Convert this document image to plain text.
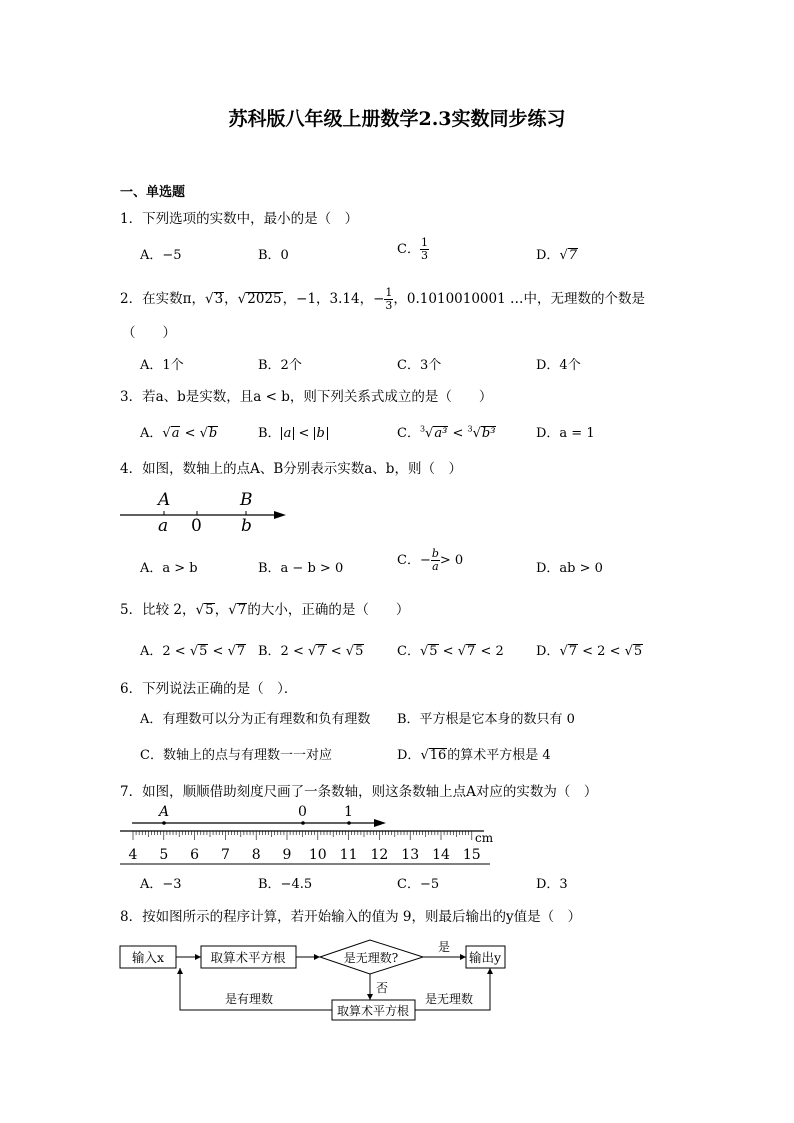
苏科版八年级上册数学2.3实数同步练习
一、单选题
1．下列选项的实数中，最小的是（　）
A．−5	B．0	C． $\frac{1}{3}$	D．√7
2．在实数π，√3，√2025，−1，3.14，− $\frac{1}{3}$ ，0.1010010001 …中，无理数的个数是
（　　）
A．1个	B．2个	C．3个	D．4个
3．若a、b是实数，且a < b，则下列关系式成立的是（　　）
A．√a < √b	B． a < b	C．$^3$√a³ < $^3$√b³	D．a = 1
4．如图，数轴上的点A、B分别表示实数a、b，则（　）
A	B
a 0 b
A．a > b	B．a − b > 0
C．− $\frac{b}{a} > 0$
D．ab > 0
5．比较 2，√5，√7的大小，正确的是（　　）
A．2 < √5 < √7 B．2 < √7 < √5	C．√5 < √7 < 2 D．√7 < 2 < √5
6．下列说法正确的是（　）．
A．有理数可以分为正有理数和负有理数 B．平方根是它本身的数只有 0
C．数轴上的点与有理数一一对应	D．√16的算术平方根是 4
7．如图，顺顺借助刻度尺画了一条数轴，则这条数轴上点A对应的实数为（　）
A	0	1
cm
4 5 6 7 8 9 10 11 12 13 14 15
A．−3	B．−4.5	C．−5	D．3
8．按如图所示的程序计算，若开始输入的值为 9，则最后输出的y值是（　）
输入x	取算术平方根	是无理数?	输出y
取算术平方根
是
否
是无理数
是有理数
